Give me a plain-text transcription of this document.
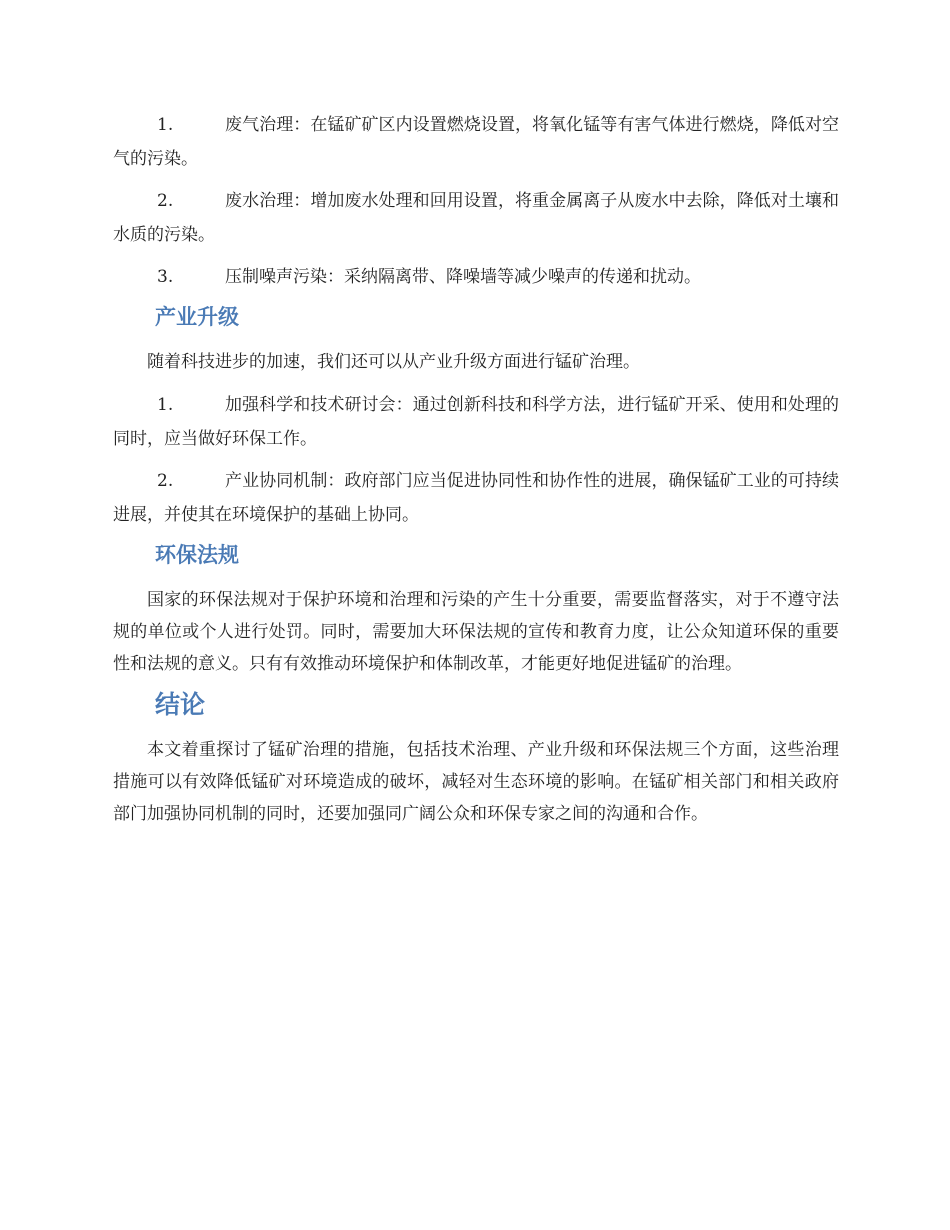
1.	废气治理：在锰矿矿区内设置燃烧设置，将氧化锰等有害气体进行燃烧，降低对空气的污染。

2.	废水治理：增加废水处理和回用设置，将重金属离子从废水中去除，降低对土壤和水质的污染。

3.	压制噪声污染：采纳隔离带、降噪墙等减少噪声的传递和扰动。

产业升级

随着科技进步的加速，我们还可以从产业升级方面进行锰矿治理。

1.	加强科学和技术研讨会：通过创新科技和科学方法，进行锰矿开采、使用和处理的同时，应当做好环保工作。

2.	产业协同机制：政府部门应当促进协同性和协作性的进展，确保锰矿工业的可持续进展，并使其在环境保护的基础上协同。

环保法规

国家的环保法规对于保护环境和治理和污染的产生十分重要，需要监督落实，对于不遵守法规的单位或个人进行处罚。同时，需要加大环保法规的宣传和教育力度，让公众知道环保的重要性和法规的意义。只有有效推动环境保护和体制改革，才能更好地促进锰矿的治理。

结论

本文着重探讨了锰矿治理的措施，包括技术治理、产业升级和环保法规三个方面，这些治理措施可以有效降低锰矿对环境造成的破坏，减轻对生态环境的影响。在锰矿相关部门和相关政府部门加强协同机制的同时，还要加强同广阔公众和环保专家之间的沟通和合作。
